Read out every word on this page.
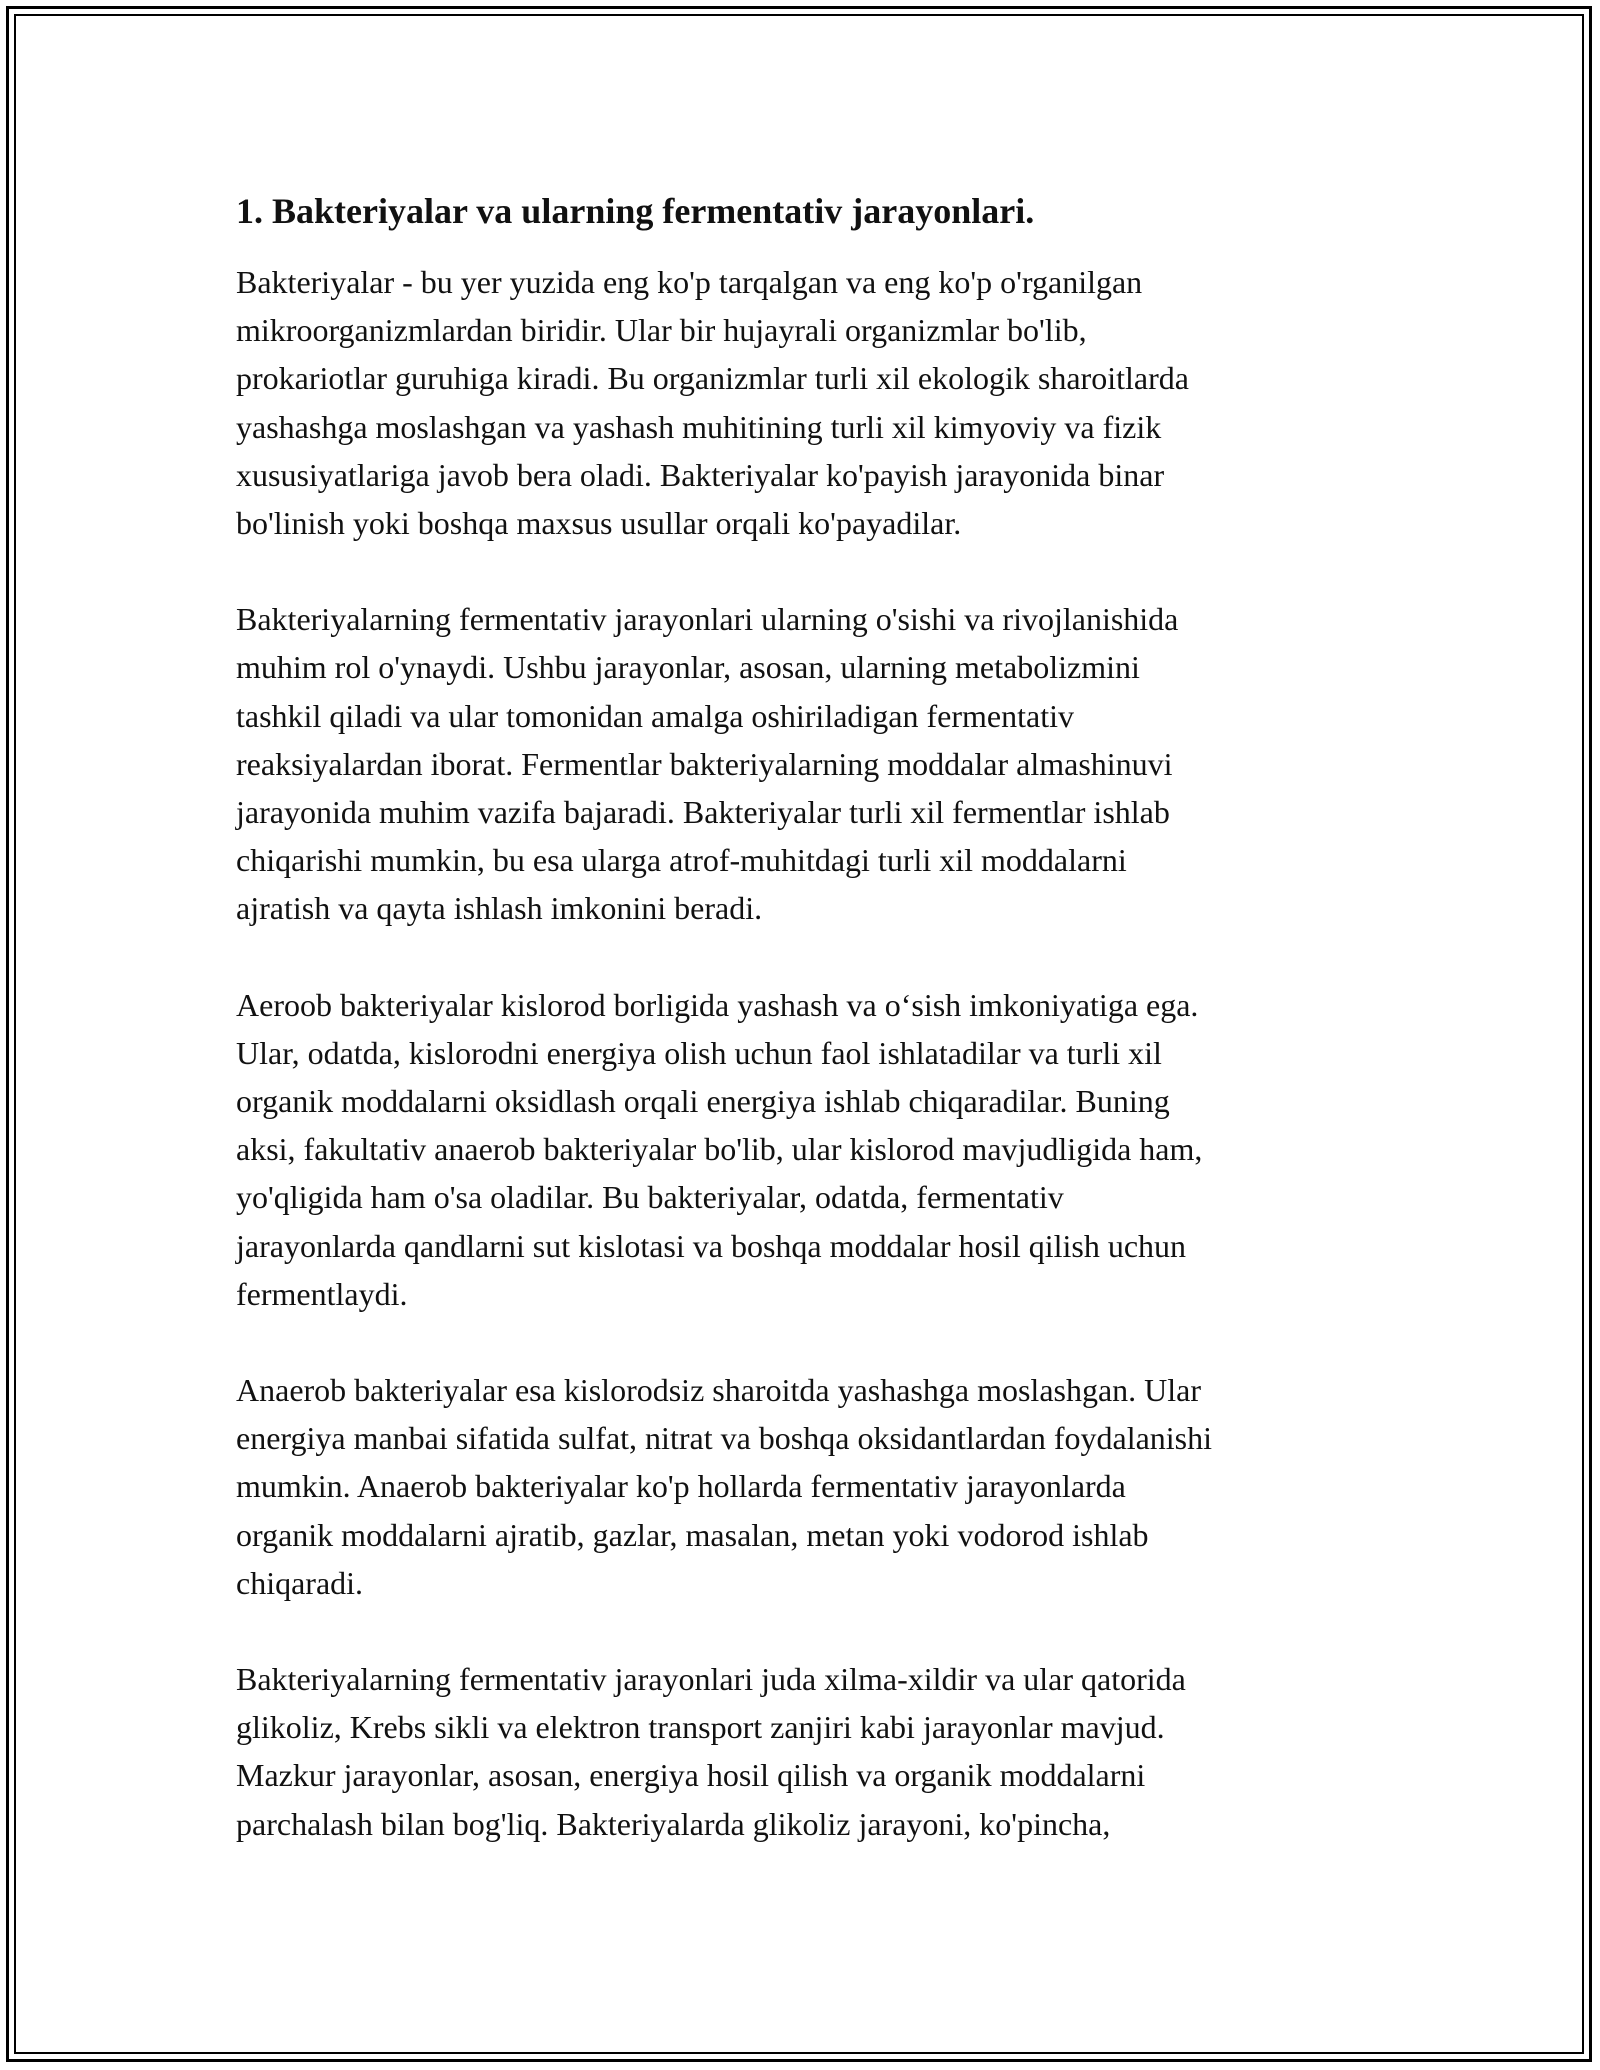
1. Bakteriyalar va ularning fermentativ jarayonlari.

Bakteriyalar - bu yer yuzida eng ko'p tarqalgan va eng ko'p o'rganilgan
mikroorganizmlardan biridir. Ular bir hujayrali organizmlar bo'lib,
prokariotlar guruhiga kiradi. Bu organizmlar turli xil ekologik sharoitlarda
yashashga moslashgan va yashash muhitining turli xil kimyoviy va fizik
xususiyatlariga javob bera oladi. Bakteriyalar ko'payish jarayonida binar
bo'linish yoki boshqa maxsus usullar orqali ko'payadilar.

Bakteriyalarning fermentativ jarayonlari ularning o'sishi va rivojlanishida
muhim rol o'ynaydi. Ushbu jarayonlar, asosan, ularning metabolizmini
tashkil qiladi va ular tomonidan amalga oshiriladigan fermentativ
reaksiyalardan iborat. Fermentlar bakteriyalarning moddalar almashinuvi
jarayonida muhim vazifa bajaradi. Bakteriyalar turli xil fermentlar ishlab
chiqarishi mumkin, bu esa ularga atrof-muhitdagi turli xil moddalarni
ajratish va qayta ishlash imkonini beradi.

Aeroob bakteriyalar kislorod borligida yashash va o‘sish imkoniyatiga ega.
Ular, odatda, kislorodni energiya olish uchun faol ishlatadilar va turli xil
organik moddalarni oksidlash orqali energiya ishlab chiqaradilar. Buning
aksi, fakultativ anaerob bakteriyalar bo'lib, ular kislorod mavjudligida ham,
yo'qligida ham o'sa oladilar. Bu bakteriyalar, odatda, fermentativ
jarayonlarda qandlarni sut kislotasi va boshqa moddalar hosil qilish uchun
fermentlaydi.

Anaerob bakteriyalar esa kislorodsiz sharoitda yashashga moslashgan. Ular
energiya manbai sifatida sulfat, nitrat va boshqa oksidantlardan foydalanishi
mumkin. Anaerob bakteriyalar ko'p hollarda fermentativ jarayonlarda
organik moddalarni ajratib, gazlar, masalan, metan yoki vodorod ishlab
chiqaradi.

Bakteriyalarning fermentativ jarayonlari juda xilma-xildir va ular qatorida
glikoliz, Krebs sikli va elektron transport zanjiri kabi jarayonlar mavjud.
Mazkur jarayonlar, asosan, energiya hosil qilish va organik moddalarni
parchalash bilan bog'liq. Bakteriyalarda glikoliz jarayoni, ko'pincha,
